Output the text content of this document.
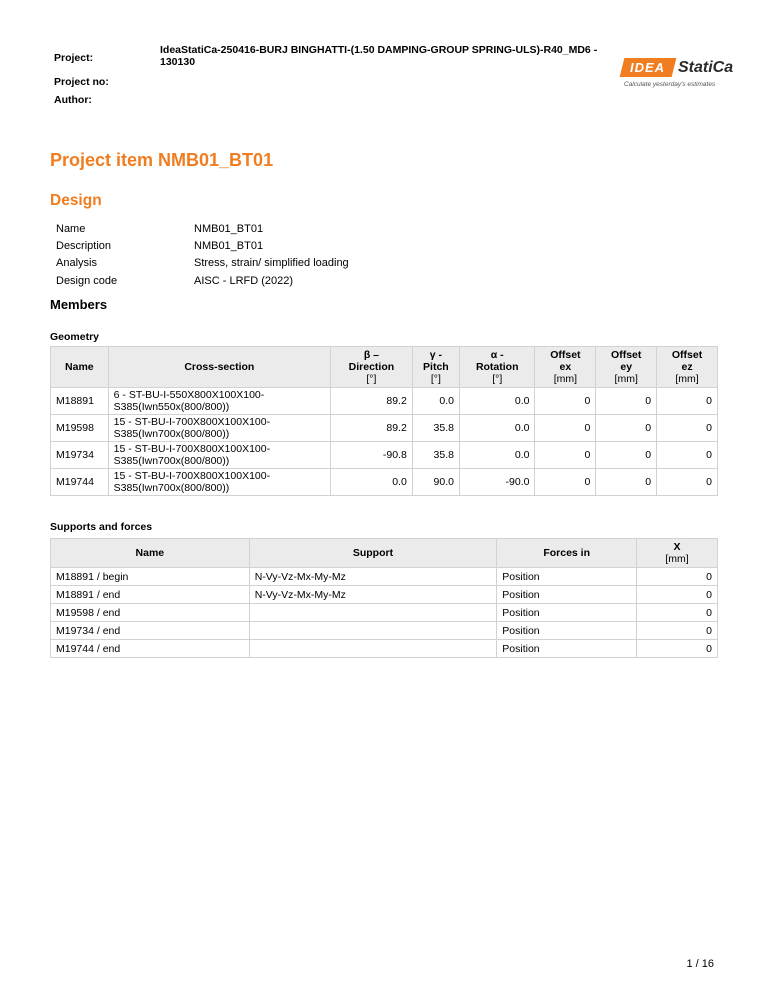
Project:
IdeaStatiCa-250416-BURJ BINGHATTI-(1.50 DAMPING-GROUP SPRING-ULS)-R40_MD6 - 130130
Project no:
Author:
IDEA StatiCa
Calculate yesterday's estimates
Project item NMB01_BT01
Design
Name	NMB01_BT01
Description	NMB01_BT01
Analysis	Stress, strain/ simplified loading
Design code	AISC - LRFD (2022)
Members
Geometry
Name	Cross-section	β –
Direction
[°]	γ -
Pitch
[°]	α -
Rotation
[°]	Offset
ex
[mm]	Offset
ey
[mm]	Offset
ez
[mm]
M18891	6 - ST-BU-I-550X800X100X100-S385(Iwn550x(800/800))	89.2	0.0	0.0	0	0	0
M19598	15 - ST-BU-I-700X800X100X100-S385(Iwn700x(800/800))	89.2	35.8	0.0	0	0	0
M19734	15 - ST-BU-I-700X800X100X100-S385(Iwn700x(800/800))	-90.8	35.8	0.0	0	0	0
M19744	15 - ST-BU-I-700X800X100X100-S385(Iwn700x(800/800))	0.0	90.0	-90.0	0	0	0
Supports and forces
Name	Support	Forces in	X
[mm]
M18891 / begin	N-Vy-Vz-Mx-My-Mz	Position	0
M18891 / end	N-Vy-Vz-Mx-My-Mz	Position	0
M19598 / end		Position	0
M19734 / end		Position	0
M19744 / end		Position	0
1 / 16
